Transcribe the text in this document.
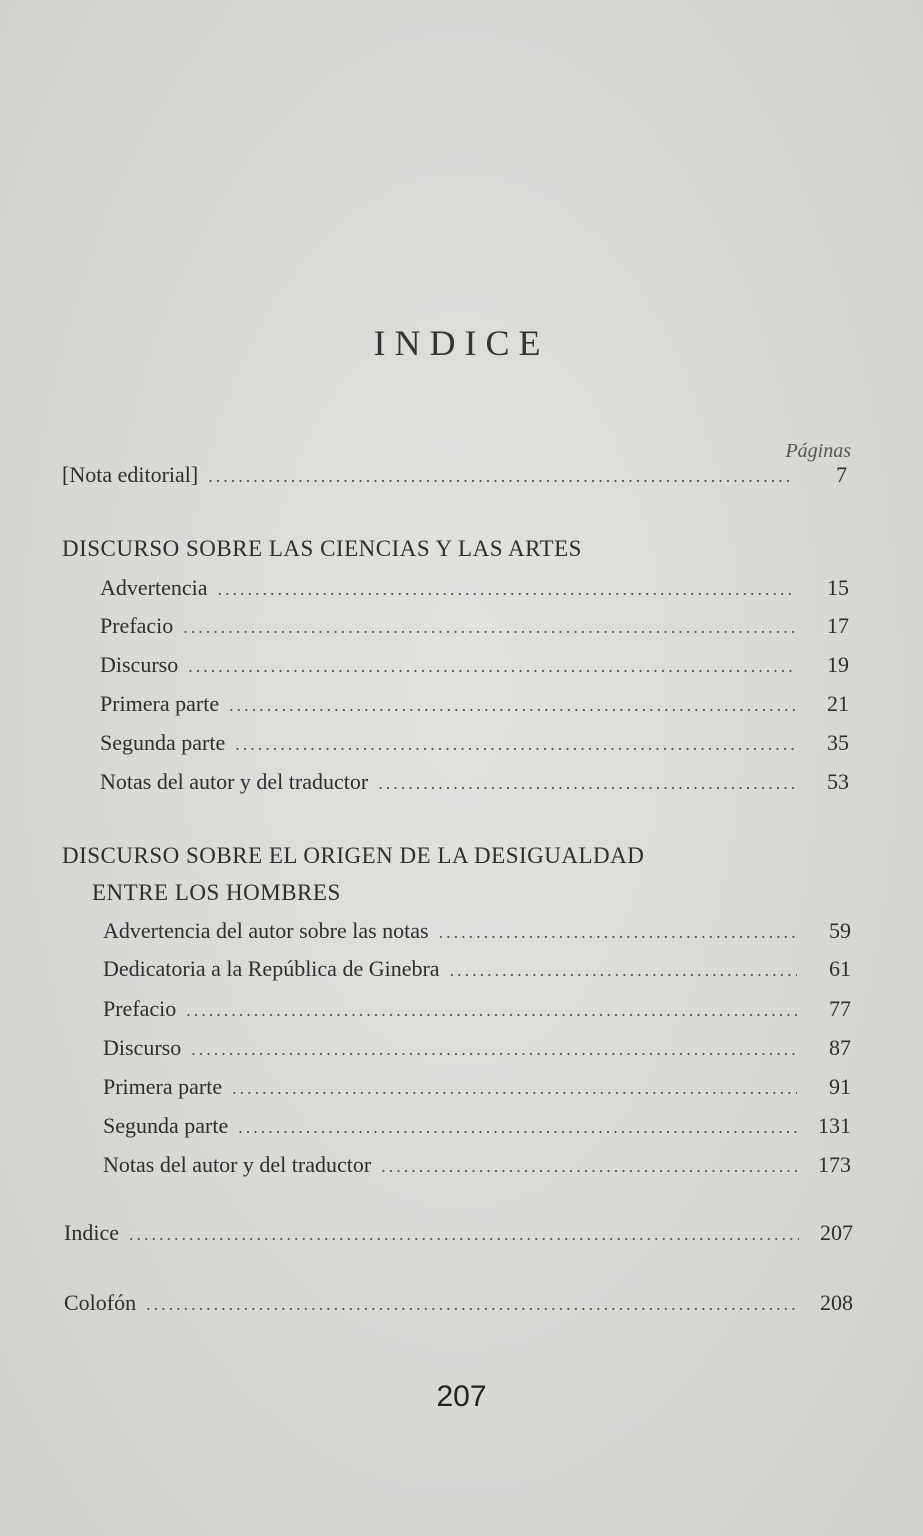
INDICE
Páginas
[Nota editorial] .....	7
DISCURSO SOBRE LAS CIENCIAS Y LAS ARTES
Advertencia .....	15
Prefacio .....	17
Discurso .....	19
Primera parte .....	21
Segunda parte .....	35
Notas del autor y del traductor .....	53
DISCURSO SOBRE EL ORIGEN DE LA DESIGUALDAD
ENTRE LOS HOMBRES
Advertencia del autor sobre las notas .....	59
Dedicatoria a la República de Ginebra .....	61
Prefacio .....	77
Discurso .....	87
Primera parte .....	91
Segunda parte .....	131
Notas del autor y del traductor .....	173
Indice .....	207
Colofón .....	208
207
